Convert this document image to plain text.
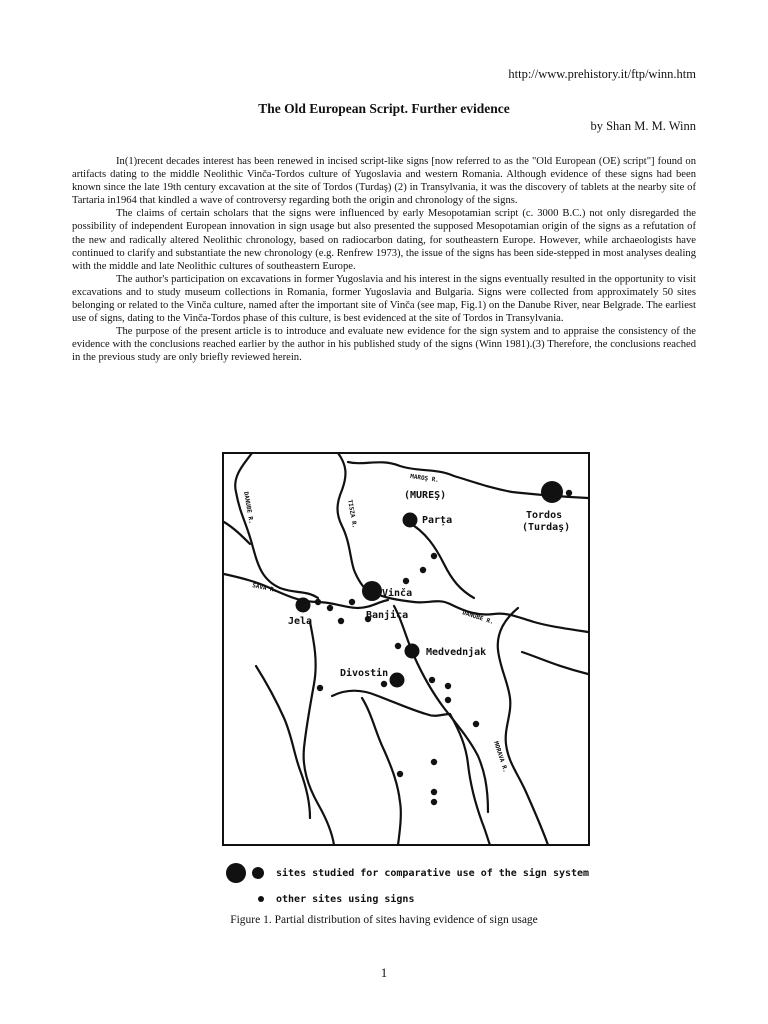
http://www.prehistory.it/ftp/winn.htm
The Old European Script. Further evidence
by Shan M. M. Winn

In(1)recent decades interest has been renewed in incised script-like signs [now referred to as the "Old European (OE) script"] found on artifacts dating to the middle Neolithic Vinča-Tordos culture of Yugoslavia and western Romania. Although evidence of these signs had been known since the late 19th century excavation at the site of Tordos (Turdaş) (2) in Transylvania, it was the discovery of tablets at the nearby site of Tartaria in1964 that kindled a wave of controversy regarding both the origin and chronology of the signs.

The claims of certain scholars that the signs were influenced by early Mesopotamian script (c. 3000 B.C.) not only disregarded the possibility of independent European innovation in sign usage but also presented the supposed Mesopotamian origin of the signs as a refutation of the new and radically altered Neolithic chronology, based on radiocarbon dating, for southeastern Europe. However, while archaeologists have continued to clarify and substantiate the new chronology (e.g. Renfrew 1973), the issue of the signs has been side-stepped in most analyses dealing with the middle and late Neolithic cultures of southeastern Europe.

The author's participation on excavations in former Yugoslavia and his interest in the signs eventually resulted in the opportunity to visit excavations and to study museum collections in Romania, former Yugoslavia and Bulgaria. Signs were collected from approximately 50 sites belonging or related to the Vinča culture, named after the important site of Vinča (see map, Fig.1) on the Danube River, near Belgrade. The earliest use of signs, dating to the Vinča-Tordos phase of this culture, is best evidenced at the site of Tordos in Transylvania.

The purpose of the present article is to introduce and evaluate new evidence for the sign system and to appraise the consistency of the evidence with the conclusions reached earlier by the author in his published study of the signs (Winn 1981).(3) Therefore, the conclusions reached in the previous study are only briefly reviewed herein.

DANUBE R.	TISZA R.
MAROŞ R.
SAVA R.
DANUBE R.
MORAVA R.
(MUREŞ)
Parța	Tordos
(Turdaş)
Vinča
Jela
Banjica
Medvednjak
Divostin
sites studied for comparative use of the sign system
other sites using signs
Figure 1. Partial distribution of sites having evidence of sign usage
1
